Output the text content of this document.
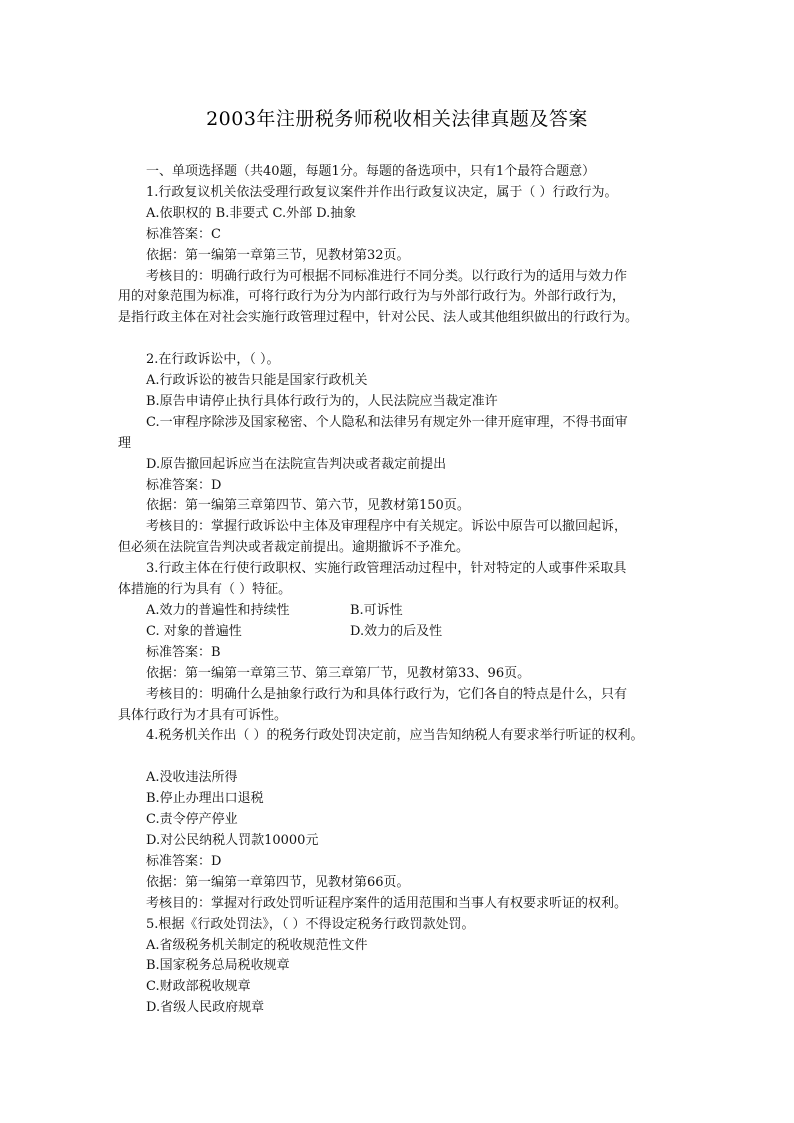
2003年注册税务师税收相关法律真题及答案

一、单项选择题（共40题，每题1分。每题的备选项中，只有1个最符合题意）

1.行政复议机关依法受理行政复议案件并作出行政复议决定，属于（ ）行政行为。

A.依职权的 B.非要式 C.外部 D.抽象

标准答案：C

依据：第一编第一章第三节，见教材第32页。

考核目的：明确行政行为可根据不同标准进行不同分类。以行政行为的适用与效力作

用的对象范围为标准，可将行政行为分为内部行政行为与外部行政行为。外部行政行为，

是指行政主体在对社会实施行政管理过程中，针对公民、法人或其他组织做出的行政行为。

2.在行政诉讼中，（ ）。

A.行政诉讼的被告只能是国家行政机关

B.原告申请停止执行具体行政行为的，人民法院应当裁定准许

C.一审程序除涉及国家秘密、个人隐私和法律另有规定外一律开庭审理，不得书面审

理

D.原告撤回起诉应当在法院宣告判决或者裁定前提出

标准答案：D

依据：第一编第三章第四节、第六节，见教材第150页。

考核目的：掌握行政诉讼中主体及审理程序中有关规定。诉讼中原告可以撤回起诉，

但必须在法院宣告判决或者裁定前提出。逾期撤诉不予准允。

3.行政主体在行使行政职权、实施行政管理活动过程中，针对特定的人或事件采取具

体措施的行为具有（ ）特征。

A.效力的普遍性和持续性	B.可诉性
C. 对象的普遍性	D.效力的后及性

标准答案：B

依据：第一编第一章第三节、第三章第厂节，见教材第33、96页。

考核目的：明确什么是抽象行政行为和具体行政行为，它们各自的特点是什么，只有

具体行政行为才具有可诉性。

4.税务机关作出（ ）的税务行政处罚决定前，应当告知纳税人有要求举行听证的权利。

A.没收违法所得

B.停止办理出口退税

C.责令停产停业

D.对公民纳税人罚款10000元

标准答案：D

依据：第一编第一章第四节，见教材第66页。

考核目的：掌握对行政处罚听证程序案件的适用范围和当事人有权要求听证的权利。

5.根据《行政处罚法》，（ ）不得设定税务行政罚款处罚。

A.省级税务机关制定的税收规范性文件

B.国家税务总局税收规章

C.财政部税收规章

D.省级人民政府规章
